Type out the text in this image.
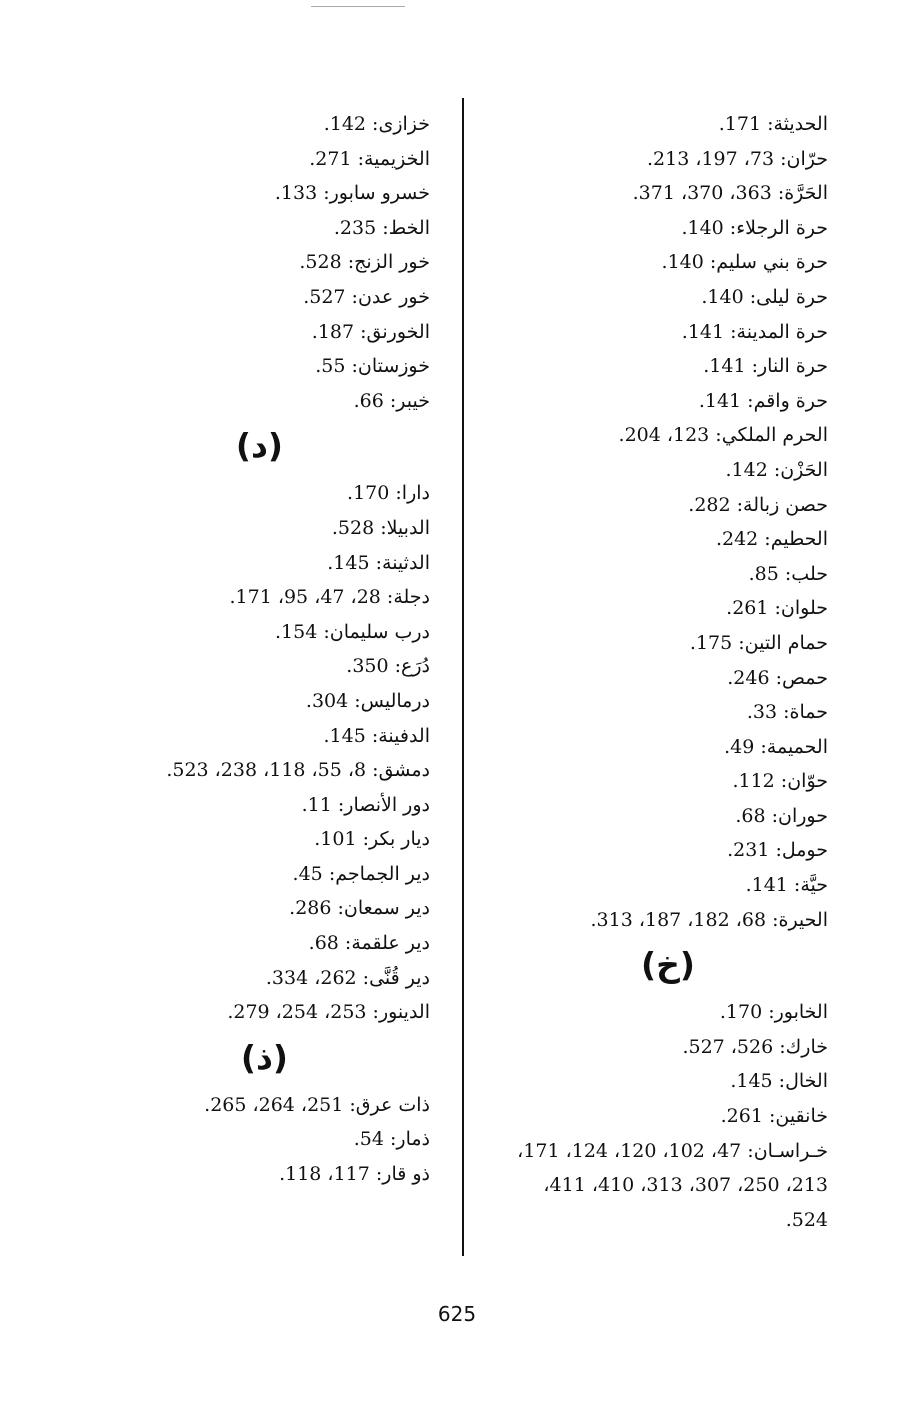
الحديثة: 171.
حرّان: 73، 197، 213.
الحَرَّة: 363، 370، 371.
حرة الرجلاء: 140.
حرة بني سليم: 140.
حرة ليلى: 140.
حرة المدينة: 141.
حرة النار: 141.
حرة واقم: 141.
الحرم الملكي: 123، 204.
الحَزْن: 142.
حصن زبالة: 282.
الحطيم: 242.
حلب: 85.
حلوان: 261.
حمام التين: 175.
حمص: 246.
حماة: 33.
الحميمة: 49.
حوّان: 112.
حوران: 68.
حومل: 231.
حيَّة: 141.
الحيرة: 68، 182، 187، 313.
(خ)
الخابور: 170.
خارك: 526، 527.
الخال: 145.
خانقين: 261.
خـراسـان: 47، 102، 120، 124، 171،
213، 250، 307، 313، 410، 411،
524.
خزازى: 142.
الخزيمية: 271.
خسرو سابور: 133.
الخط: 235.
خور الزنج: 528.
خور عدن: 527.
الخورنق: 187.
خوزستان: 55.
خيبر: 66.
(د)
دارا: 170.
الدبيلا: 528.
الدثينة: 145.
دجلة: 28، 47، 95، 171.
درب سليمان: 154.
دُرَع: 350.
درماليس: 304.
الدفينة: 145.
دمشق: 8، 55، 118، 238، 523.
دور الأنصار: 11.
ديار بكر: 101.
دير الجماجم: 45.
دير سمعان: 286.
دير علقمة: 68.
دير قُنَّى: 262، 334.
الدينور: 253، 254، 279.
(ذ)
ذات عرق: 251، 264، 265.
ذمار: 54.
ذو قار: 117، 118.
625
